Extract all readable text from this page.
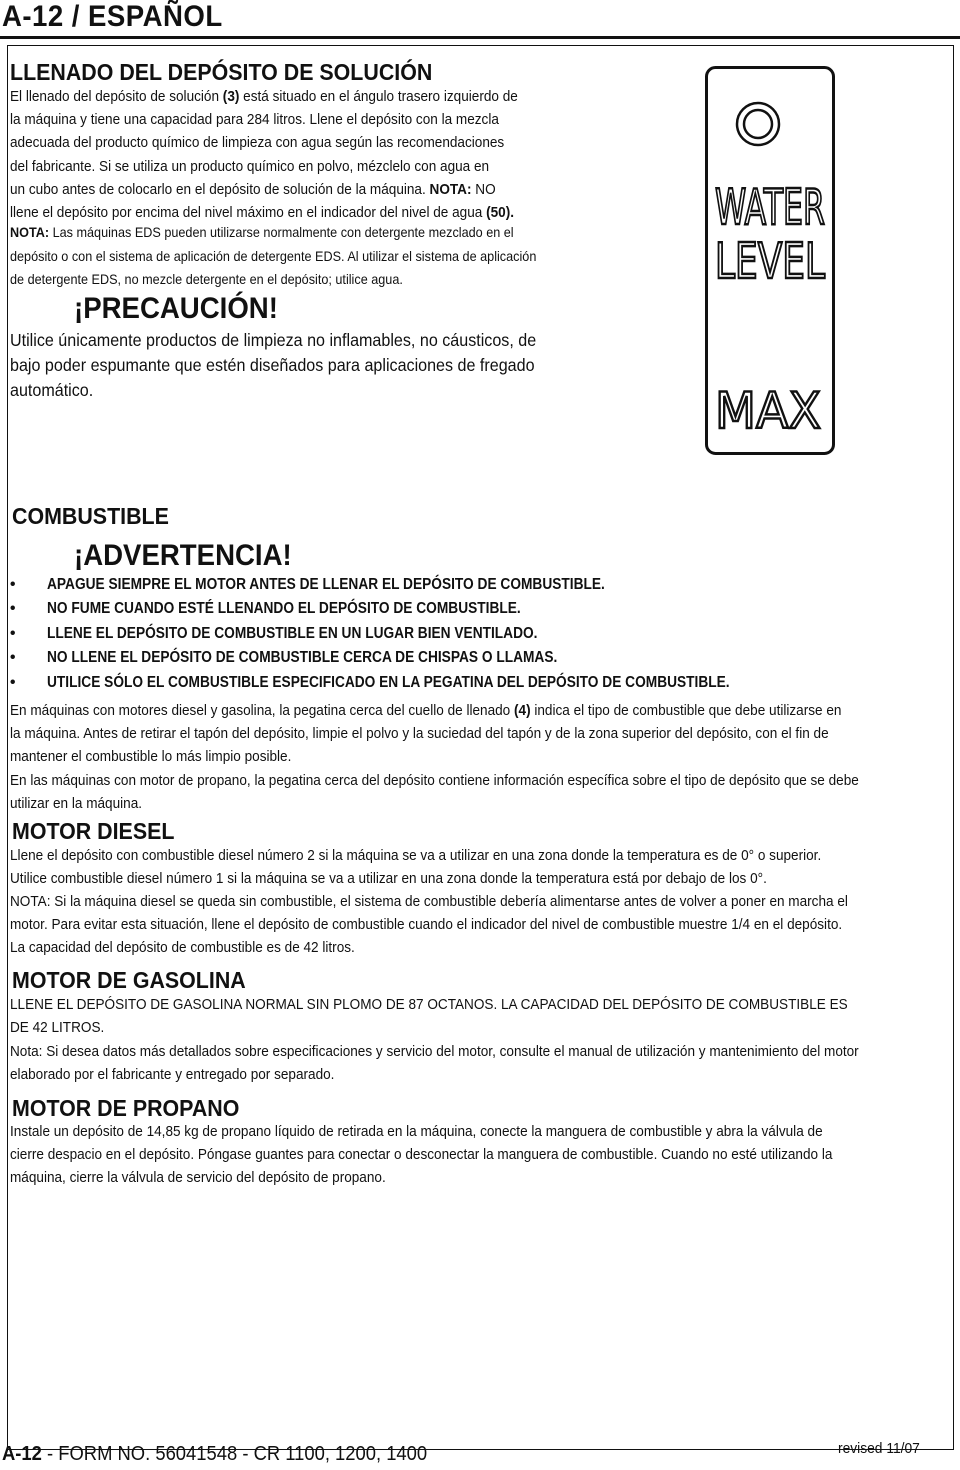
A-12 / ESPAÑOL
LLENADO DEL DEPÓSITO DE SOLUCIÓN
El llenado del depósito de solución (3) está situado en el ángulo trasero izquierdo de
la máquina y tiene una capacidad para 284 litros. Llene el depósito con la mezcla
adecuada del producto químico de limpieza con agua según las recomendaciones
del fabricante. Si se utiliza un producto químico en polvo, mézclelo con agua en
un cubo antes de colocarlo en el depósito de solución de la máquina. NOTA: NO
llene el depósito por encima del nivel máximo en el indicador del nivel de agua (50).
NOTA: Las máquinas EDS pueden utilizarse normalmente con detergente mezclado en el
depósito o con el sistema de aplicación de detergente EDS. Al utilizar el sistema de aplicación
de detergente EDS, no mezcle detergente en el depósito; utilice agua.
¡PRECAUCIÓN!
Utilice únicamente productos de limpieza no inflamables, no cáusticos, de
bajo poder espumante que estén diseñados para aplicaciones de fregado
automático.
WATER
LEVEL
MAX
COMBUSTIBLE
¡ADVERTENCIA!
• APAGUE SIEMPRE EL MOTOR ANTES DE LLENAR EL DEPÓSITO DE COMBUSTIBLE.
• NO FUME CUANDO ESTÉ LLENANDO EL DEPÓSITO DE COMBUSTIBLE.
• LLENE EL DEPÓSITO DE COMBUSTIBLE EN UN LUGAR BIEN VENTILADO.
• NO LLENE EL DEPÓSITO DE COMBUSTIBLE CERCA DE CHISPAS O LLAMAS.
• UTILICE SÓLO EL COMBUSTIBLE ESPECIFICADO EN LA PEGATINA DEL DEPÓSITO DE COMBUSTIBLE.
En máquinas con motores diesel y gasolina, la pegatina cerca del cuello de llenado (4) indica el tipo de combustible que debe utilizarse en
la máquina. Antes de retirar el tapón del depósito, limpie el polvo y la suciedad del tapón y de la zona superior del depósito, con el fin de
mantener el combustible lo más limpio posible.
En las máquinas con motor de propano, la pegatina cerca del depósito contiene información específica sobre el tipo de depósito que se debe
utilizar en la máquina.
MOTOR DIESEL
Llene el depósito con combustible diesel número 2 si la máquina se va a utilizar en una zona donde la temperatura es de 0° o superior.
Utilice combustible diesel número 1 si la máquina se va a utilizar en una zona donde la temperatura está por debajo de los 0°.
NOTA: Si la máquina diesel se queda sin combustible, el sistema de combustible debería alimentarse antes de volver a poner en marcha el
motor. Para evitar esta situación, llene el depósito de combustible cuando el indicador del nivel de combustible muestre 1/4 en el depósito.
La capacidad del depósito de combustible es de 42 litros.
MOTOR DE GASOLINA
LLENE EL DEPÓSITO DE GASOLINA NORMAL SIN PLOMO DE 87 OCTANOS. LA CAPACIDAD DEL DEPÓSITO DE COMBUSTIBLE ES
DE 42 LITROS.
Nota: Si desea datos más detallados sobre especificaciones y servicio del motor, consulte el manual de utilización y mantenimiento del motor
elaborado por el fabricante y entregado por separado.
MOTOR DE PROPANO
Instale un depósito de 14,85 kg de propano líquido de retirada en la máquina, conecte la manguera de combustible y abra la válvula de
cierre despacio en el depósito. Póngase guantes para conectar o desconectar la manguera de combustible. Cuando no esté utilizando la
máquina, cierre la válvula de servicio del depósito de propano.
A-12 - FORM NO. 56041548 - CR 1100, 1200, 1400	revised 11/07
